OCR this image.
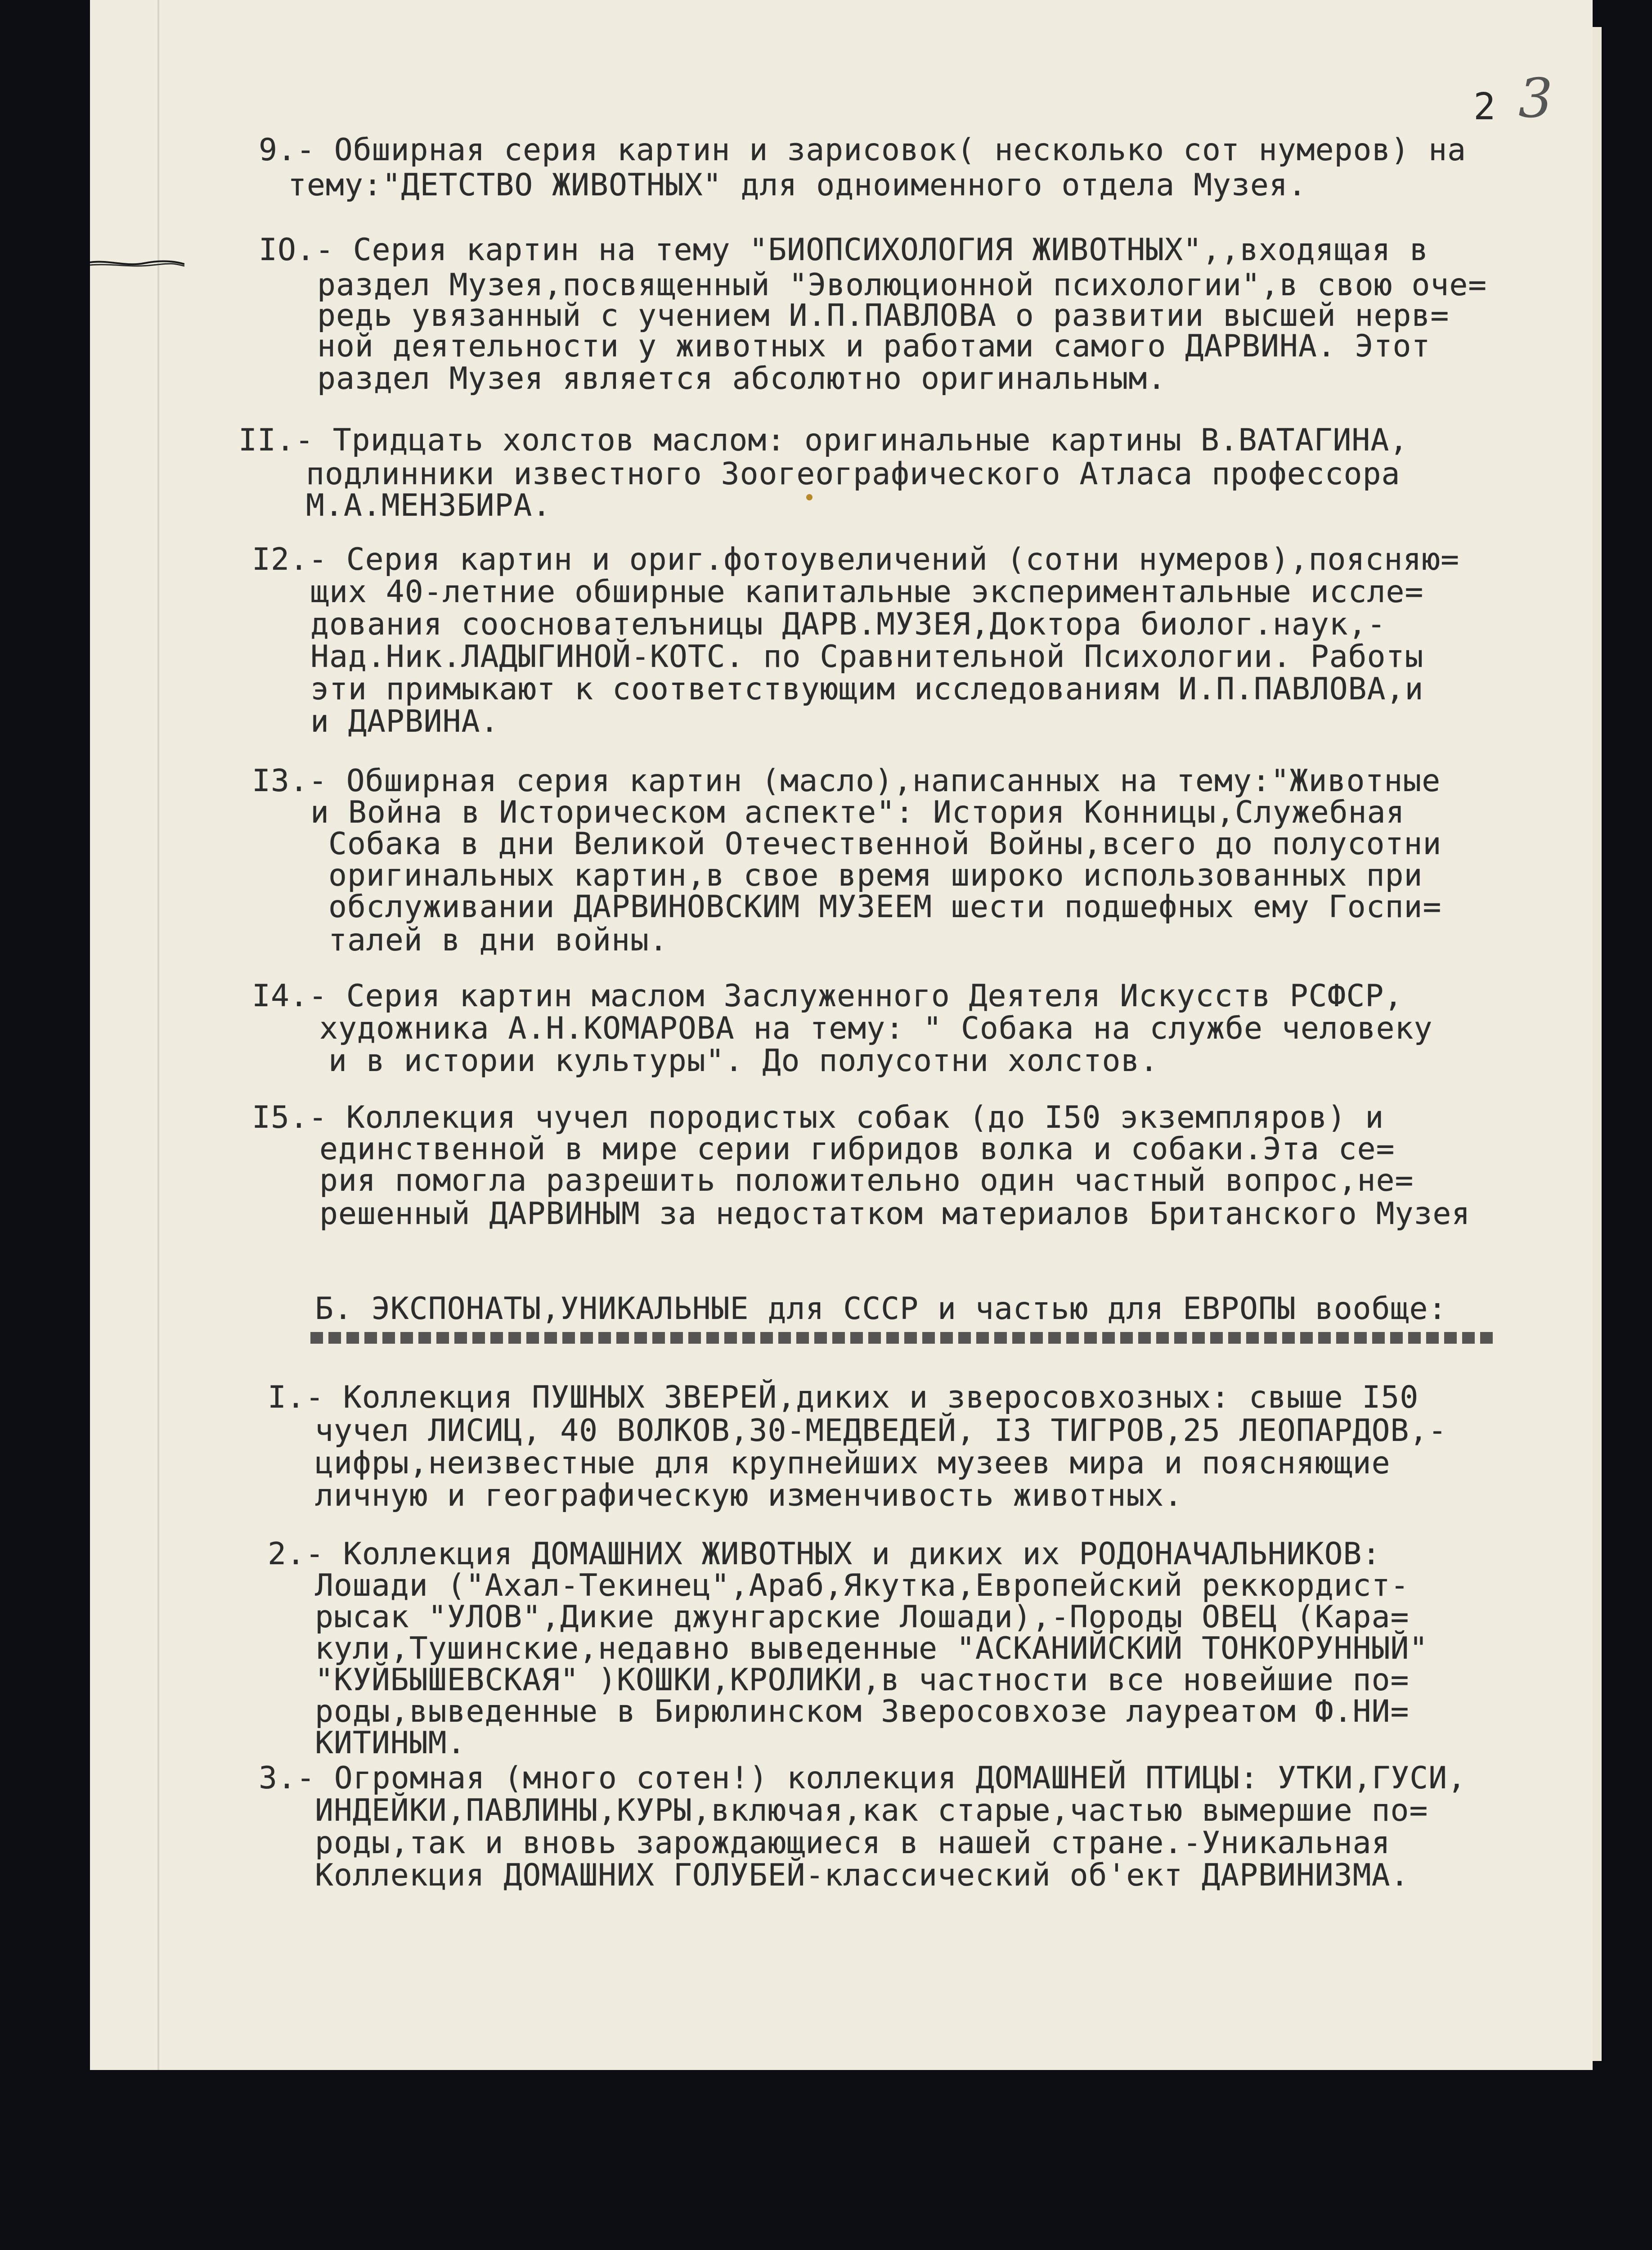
2 3

9.- Обширная серия картин и зарисовок( несколько сот нумеров) на

тему:"ДЕТСТВО ЖИВОТНЫХ" для одноименного отдела Музея.

IO.- Серия картин на тему "БИОПСИХОЛОГИЯ ЖИВОТНЫХ",,входящая в

раздел Музея,посвященный "Эволюционной психологии",в свою оче=

редь увязанный с учением И.П.ПАВЛОВА о развитии высшей нерв=

ной деятельности у животных и работами самого ДАРВИНА. Этот

раздел Музея является абсолютно оригинальным.

II.- Тридцать холстов маслом: оригинальные картины В.ВАТАГИНА,

подлинники известного Зоогеографического Атласа профессора

М.А.МЕНЗБИРА.

I2.- Серия картин и ориг.фотоувеличений (сотни нумеров),поясняю=

щих 40-летние обширные капитальные экспериментальные иссле=

дования сооснователъницы ДАРВ.МУЗЕЯ,Доктора биолог.наук,-

Над.Ник.ЛАДЫГИНОЙ-КОТС. по Сравнительной Психологии. Работы

эти примыкают к соответствующим исследованиям И.П.ПАВЛОВА,и

и ДАРВИНА.

I3.- Обширная серия картин (масло),написанных на тему:"Животные

и Война в Историческом аспекте": История Конницы,Служебная

Собака в дни Великой Отечественной Войны,всего до полусотни

оригинальных картин,в свое время широко использованных при

обслуживании ДАРВИНОВСКИМ МУЗЕЕМ шести подшефных ему Госпи=

талей в дни войны.

I4.- Серия картин маслом Заслуженного Деятеля Искусств РСФСР,

художника А.Н.КОМАРОВА на тему: " Собака на службе человеку

и в истории культуры". До полусотни холстов.

I5.- Коллекция чучел породистых собак (до I50 экземпляров) и

единственной в мире серии гибридов волка и собаки.Эта се=

рия помогла разрешить положительно один частный вопрос,не=

решенный ДАРВИНЫМ за недостатком материалов Британского Музея

Б. ЭКСПОНАТЫ,УНИКАЛЬНЫЕ для СССР и частью для ЕВРОПЫ вообще:

I.- Коллекция ПУШНЫХ ЗВЕРЕЙ,диких и зверосовхозных: свыше I50

чучел ЛИСИЦ, 40 ВОЛКОВ,30-МЕДВЕДЕЙ, I3 ТИГРОВ,25 ЛЕОПАРДОВ,-

цифры,неизвестные для крупнейших музеев мира и поясняющие

личную и географическую изменчивость животных.

2.- Коллекция ДОМАШНИХ ЖИВОТНЫХ и диких их РОДОНАЧАЛЬНИКОВ:

Лошади ("Ахал-Текинец",Араб,Якутка,Европейский реккордист-

рысак "УЛОВ",Дикие джунгарские Лошади),-Породы ОВЕЦ (Кара=

кули,Тушинские,недавно выведенные "АСКАНИЙСКИЙ ТОНКОРУННЫЙ"

"КУЙБЫШЕВСКАЯ" )КОШКИ,КРОЛИКИ,в частности все новейшие по=

роды,выведенные в Бирюлинском Зверосовхозе лауреатом Ф.НИ=

КИТИНЫМ.

3.- Огромная (много сотен!) коллекция ДОМАШНЕЙ ПТИЦЫ: УТКИ,ГУСИ,

ИНДЕЙКИ,ПАВЛИНЫ,КУРЫ,включая,как старые,частью вымершие по=

роды,так и вновь зарождающиеся в нашей стране.-Уникальная

Коллекция ДОМАШНИХ ГОЛУБЕЙ-классический об'ект ДАРВИНИЗМА.
